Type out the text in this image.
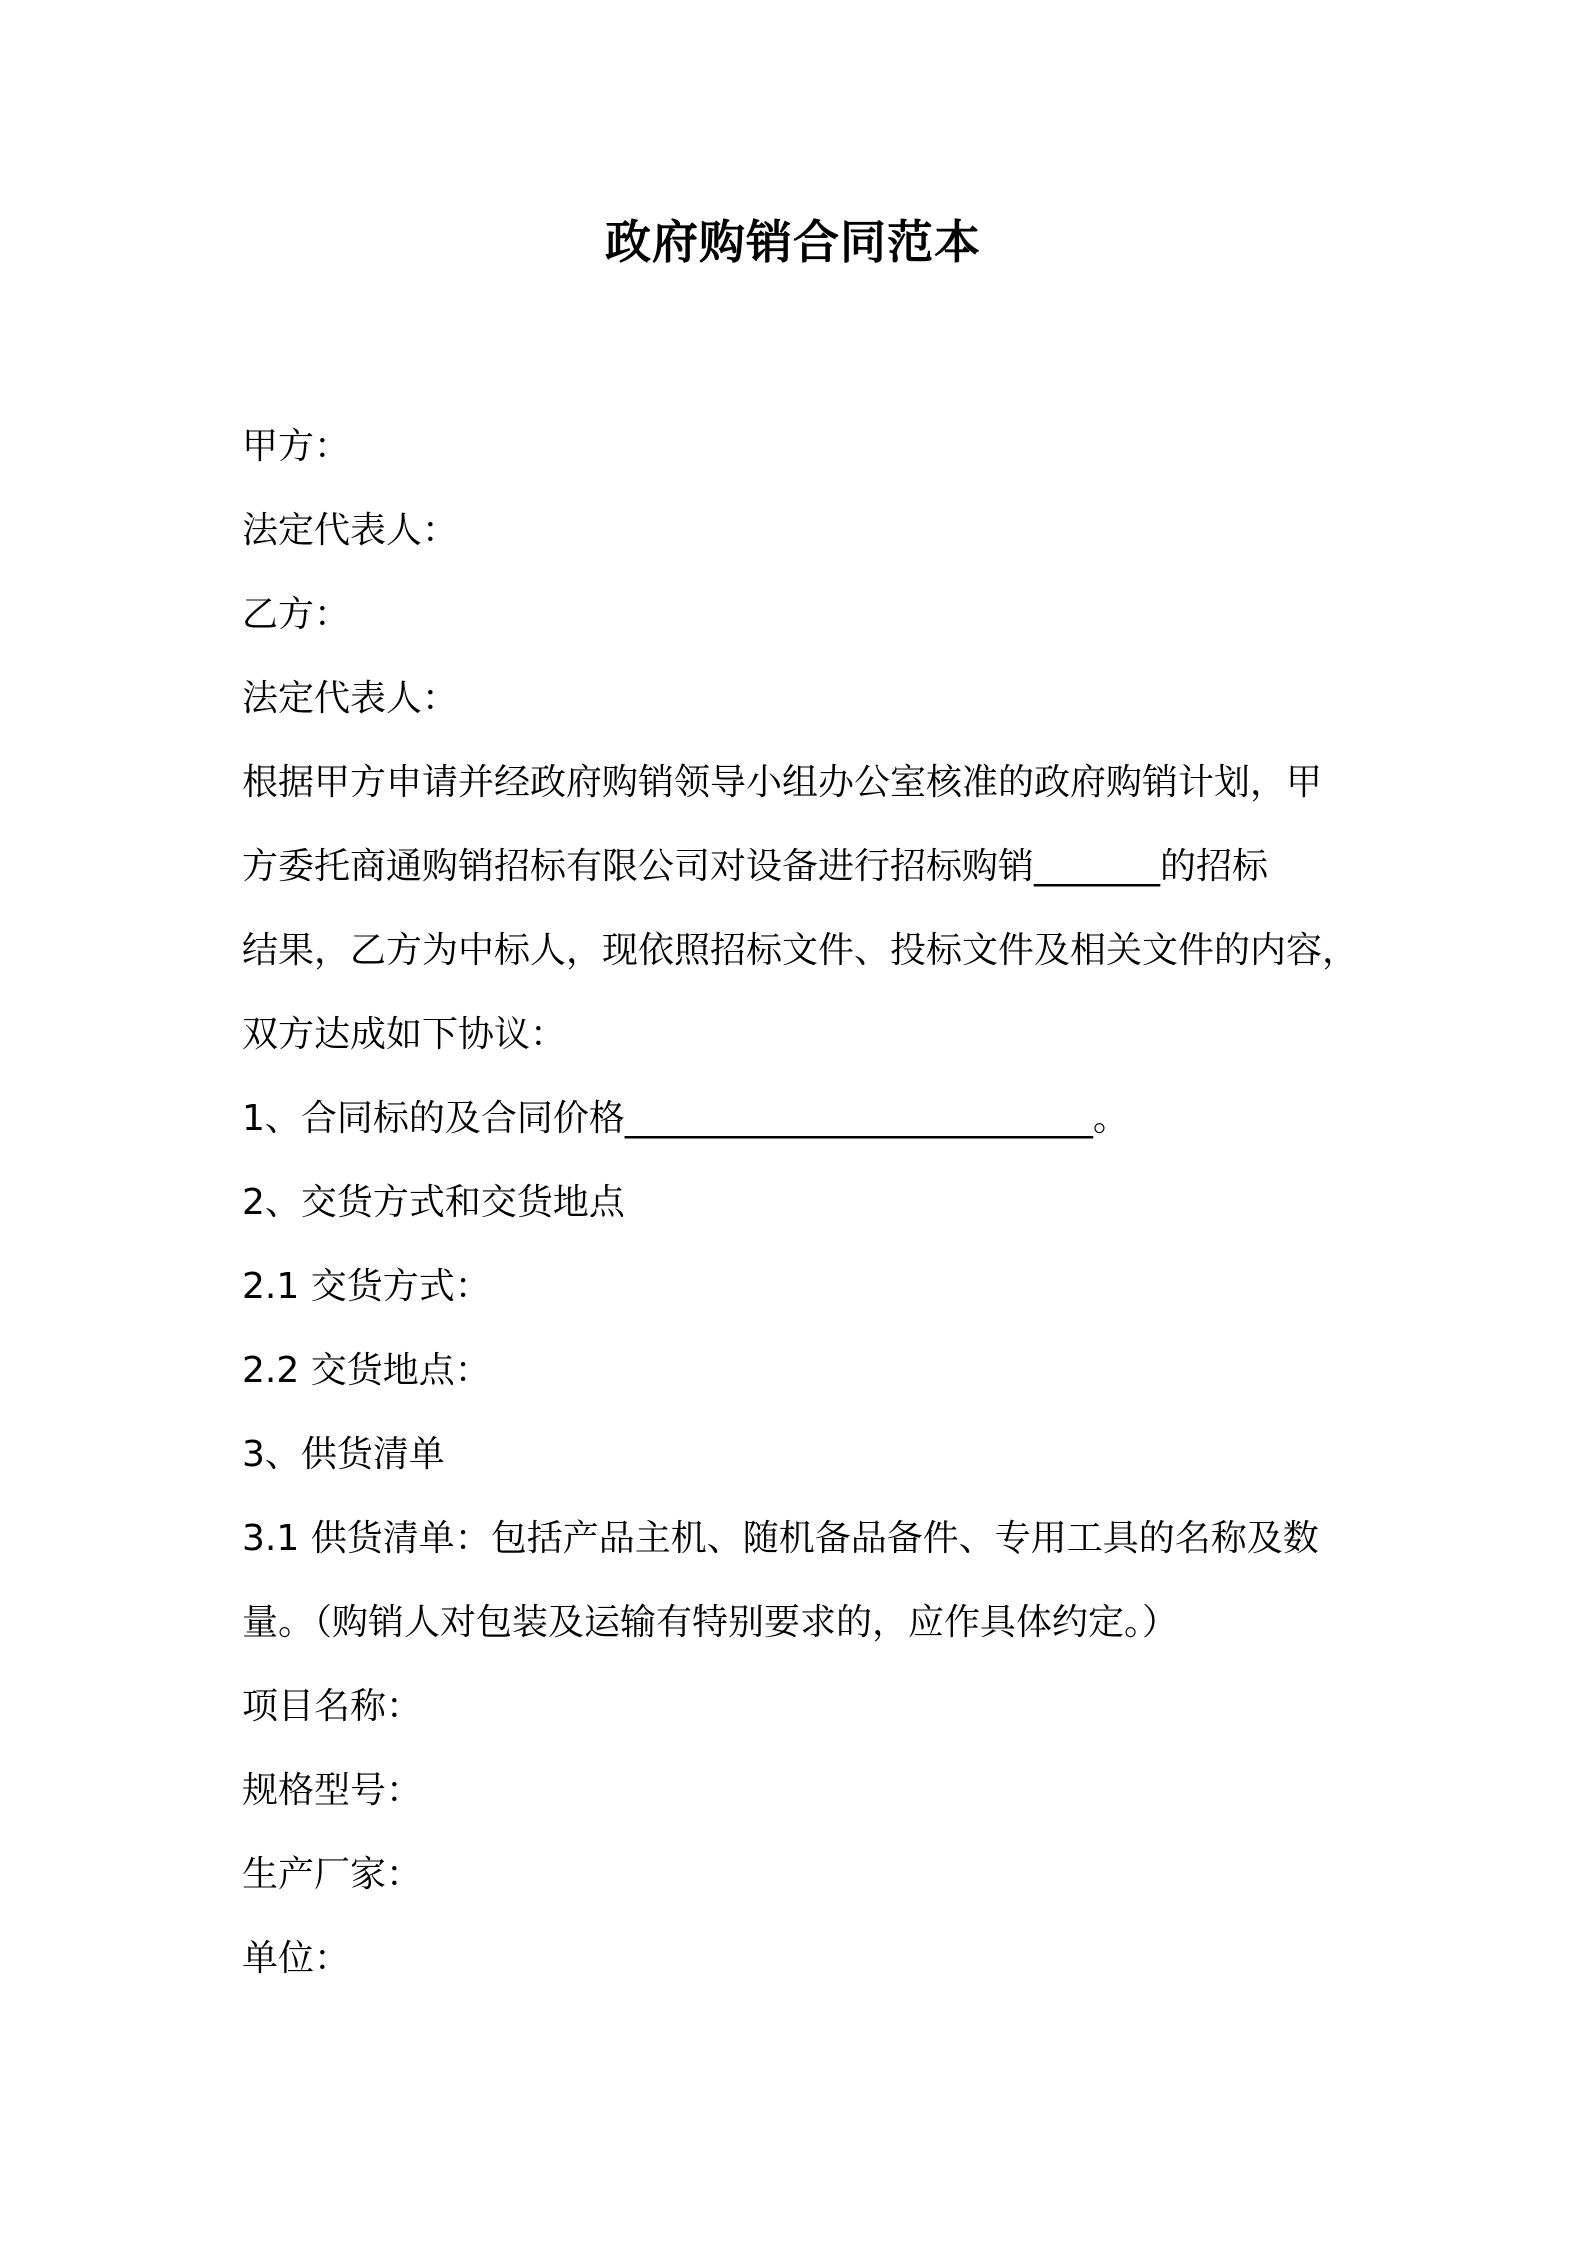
政府购销合同范本
甲方：
法定代表人：
乙方：
法定代表人：
根据甲方申请并经政府购销领导小组办公室核准的政府购销计划，甲
方委托商通购销招标有限公司对设备进行招标购销_______的招标
结果，乙方为中标人，现依照招标文件、投标文件及相关文件的内容，
双方达成如下协议：
1、合同标的及合同价格__________________________。
2、交货方式和交货地点
2.1 交货方式：
2.2 交货地点：
3、供货清单
3.1 供货清单：包括产品主机、随机备品备件、专用工具的名称及数
量。（购销人对包装及运输有特别要求的，应作具体约定。）
项目名称：
规格型号：
生产厂家：
单位：
